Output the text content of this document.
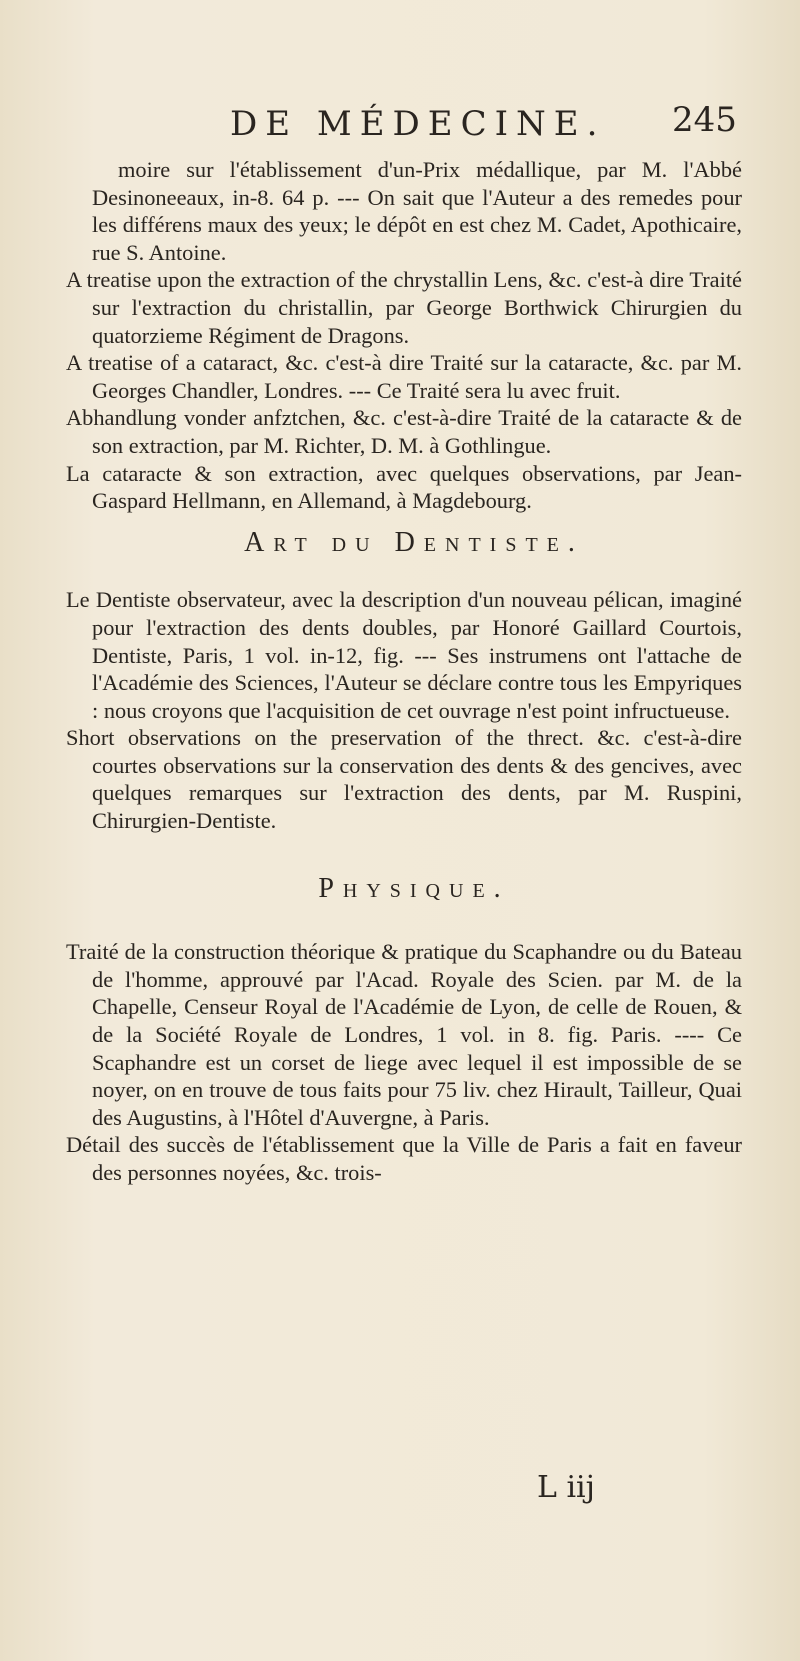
DE MÉDECINE. 245

moire sur l'établissement d'un-Prix médallique, par M. l'Abbé Desinoneeaux, in-8. 64 p. --- On sait que l'Auteur a des remedes pour les différens maux des yeux; le dépôt en est chez M. Cadet, Apothicaire, rue S. Antoine.

A treatise upon the extraction of the chrystallin Lens, &c. c'est-à dire Traité sur l'extraction du christallin, par George Borthwick Chirurgien du quatorzieme Régiment de Dragons.

A treatise of a cataract, &c. c'est-à dire Traité sur la cataracte, &c. par M. Georges Chandler, Londres. --- Ce Traité sera lu avec fruit.

Abhandlung vonder anfztchen, &c. c'est-à-dire Traité de la cataracte & de son extraction, par M. Richter, D. M. à Gothlingue.

La cataracte & son extraction, avec quelques observations, par Jean-Gaspard Hellmann, en Allemand, à Magdebourg.

Art du Dentiste.

Le Dentiste observateur, avec la description d'un nouveau pélican, imaginé pour l'extraction des dents doubles, par Honoré Gaillard Courtois, Dentiste, Paris, 1 vol. in-12, fig. --- Ses instrumens ont l'attache de l'Académie des Sciences, l'Auteur se déclare contre tous les Empyriques : nous croyons que l'acquisition de cet ouvrage n'est point infructueuse.

Short observations on the preservation of the threct. &c. c'est-à-dire courtes observations sur la conservation des dents & des gencives, avec quelques remarques sur l'extraction des dents, par M. Ruspini, Chirurgien-Dentiste.

Physique.

Traité de la construction théorique & pratique du Scaphandre ou du Bateau de l'homme, approuvé par l'Acad. Royale des Scien. par M. de la Chapelle, Censeur Royal de l'Académie de Lyon, de celle de Rouen, & de la Société Royale de Londres, 1 vol. in 8. fig. Paris. ---- Ce Scaphandre est un corset de liege avec lequel il est impossible de se noyer, on en trouve de tous faits pour 75 liv. chez Hirault, Tailleur, Quai des Augustins, à l'Hôtel d'Auvergne, à Paris.

Détail des succès de l'établissement que la Ville de Paris a fait en faveur des personnes noyées, &c. trois-

L iij
